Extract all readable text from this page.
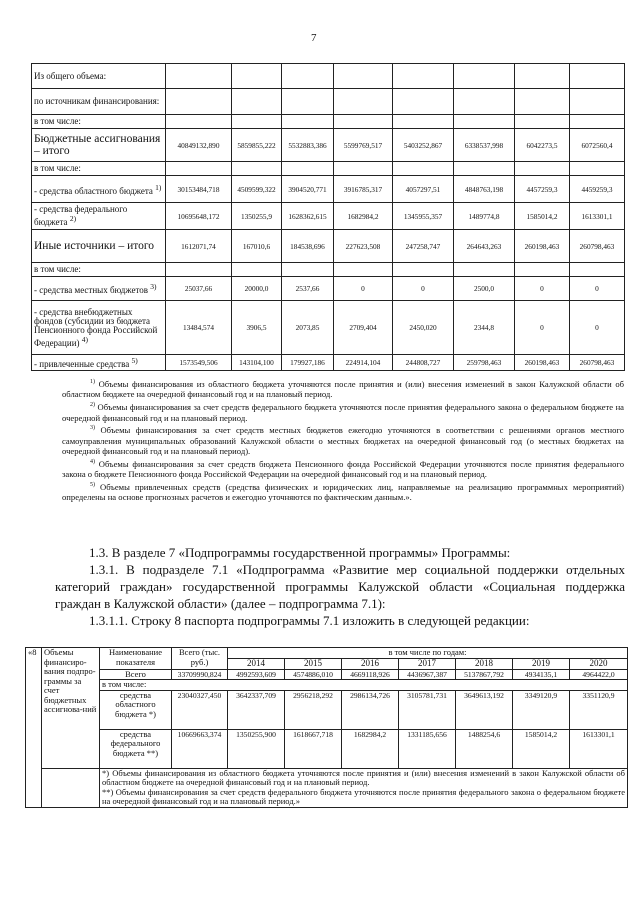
7
Из общего объема:								
по источникам финансирования:								
в том числе:								
Бюджетные ассигнования – итого	40849132,890	5859855,222	5532883,386	5599769,517	5403252,867	6338537,998	6042273,5	6072560,4
в том числе:								
- средства областного бюджета $^{1)}$	30153484,718	4509599,322	3904520,771	3916785,317	4057297,51	4848763,198	4457259,3	4459259,3
- средства федерального бюджета $^{2)}$	10695648,172	1350255,9	1628362,615	1682984,2	1345955,357	1489774,8	1585014,2	1613301,1
Иные источники – итого	1612071,74	167010,6	184538,696	227623,508	247258,747	264643,263	260198,463	260798,463
в том числе:								
- средства местных бюджетов $^{3)}$	25037,66	20000,0	2537,66	0	0	2500,0	0	0
- средства внебюджетных фондов (субсидии из бюджета Пенсионного фонда Российской Федерации) $^{4)}$	13484,574	3906,5	2073,85	2709,404	2450,020	2344,8	0	0
- привлеченные средства $^{5)}$	1573549,506	143104,100	179927,186	224914,104	244808,727	259798,463	260198,463	260798,463

$^{1)}$ Объемы финансирования из областного бюджета уточняются после принятия и (или) внесения изменений в закон Калужской области об областном бюджете на очередной финансовый год и на плановый период.

$^{2)}$ Объемы финансирования за счет средств федерального бюджета уточняются после принятия федерального закона о федеральном бюджете на очередной финансовый год и на плановый период.

$^{3)}$ Объемы финансирования за счет средств местных бюджетов ежегодно уточняются в соответствии с решениями органов местного самоуправления муниципальных образований Калужской области о местных бюджетах на очередной финансовый год (о местных бюджетах на очередной финансовый год и на плановый период).

$^{4)}$ Объемы финансирования за счет средств бюджета Пенсионного фонда Российской Федерации уточняются после принятия федерального закона о бюджете Пенсионного фонда Российской Федерации на очередной финансовый год и на плановый период.

$^{5)}$ Объемы привлеченных средств (средства физических и юридических лиц, направляемые на реализацию программных мероприятий) определены на основе прогнозных расчетов и ежегодно уточняются по фактическим данным.».

1.3. В разделе 7 «Подпрограммы государственной программы» Программы:

1.3.1. В подразделе 7.1 «Подпрограмма «Развитие мер социальной поддержки отдельных категорий граждан» государственной программы Калужской области «Социальная поддержка граждан в Калужской области» (далее – подпрограмма 7.1):

1.3.1.1. Строку 8 паспорта подпрограммы 7.1 изложить в следующей редакции:

«8	Объемы финансиро-вания подпро-граммы за счет бюджетных ассигнова-ний	Наименование показателя	Всего (тыс. руб.)	в том числе по годам:						
				2014	2015	2016	2017	2018	2019	2020
		Всего	33709990,824	4992593,609	4574886,010	4669118,926	4436967,387	5137867,792	4934135,1	4964422,0
		в том числе:								
		средства областного бюджета *)	23040327,450	3642337,709	2956218,292	2986134,726	3105781,731	3649613,192	3349120,9	3351120,9
		средства федерального бюджета **)	10669663,374	1350255,900	1618667,718	1682984,2	1331185,656	1488254,6	1585014,2	1613301,1

		*) Объемы финансирования из областного бюджета уточняются после принятия и (или) внесения изменений в закон Калужской области об областном бюджете на очередной финансовый год и на плановый период.

**) Объемы финансирования за счет средств федерального бюджета уточняются после принятия федерального закона о федеральном бюджете на очередной финансовый год и на плановый период.»								
